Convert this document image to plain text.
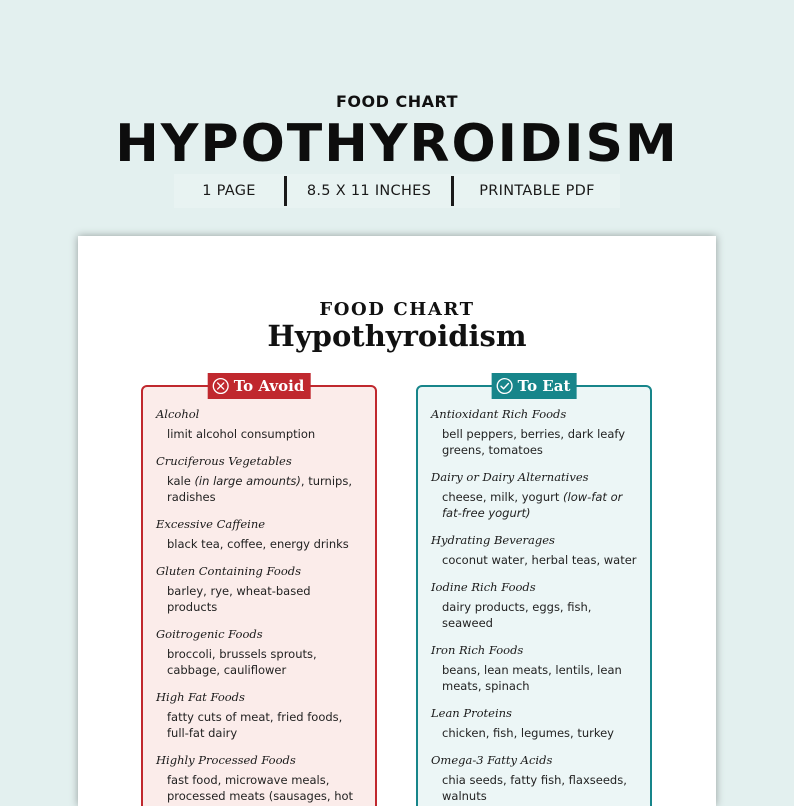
FOOD CHART
HYPOTHYROIDISM
1 PAGE	8.5 X 11 INCHES	PRINTABLE PDF
FOOD CHART
Hypothyroidism
To Avoid
Alcohol
limit alcohol consumption
Cruciferous Vegetables
kale (in large amounts), turnips, radishes
Excessive Caffeine
black tea, coffee, energy drinks
Gluten Containing Foods
barley, rye, wheat-based products
Goitrogenic Foods
broccoli, brussels sprouts, cabbage, cauliflower
High Fat Foods
fatty cuts of meat, fried foods, full-fat dairy
Highly Processed Foods
fast food, microwave meals, processed meats (sausages, hot
To Eat
Antioxidant Rich Foods
bell peppers, berries, dark leafy greens, tomatoes
Dairy or Dairy Alternatives
cheese, milk, yogurt (low-fat or fat-free yogurt)
Hydrating Beverages
coconut water, herbal teas, water
Iodine Rich Foods
dairy products, eggs, fish, seaweed
Iron Rich Foods
beans, lean meats, lentils, lean meats, spinach
Lean Proteins
chicken, fish, legumes, turkey
Omega-3 Fatty Acids
chia seeds, fatty fish, flaxseeds, walnuts
